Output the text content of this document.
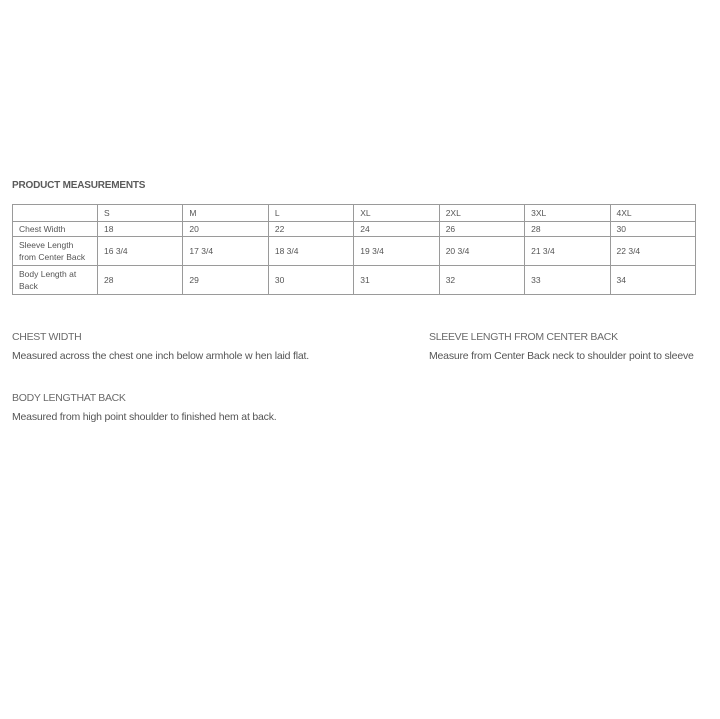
PRODUCT MEASUREMENTS
	S	M	L	XL	2XL	3XL	4XL
Chest Width	18	20	22	24	26	28	30
Sleeve Length from Center Back	16 3/4	17 3/4	18 3/4	19 3/4	20 3/4	21 3/4	22 3/4
Body Length at Back	28	29	30	31	32	33	34
CHEST WIDTH
Measured across the chest one inch below armhole w hen laid flat.
SLEEVE LENGTH FROM CENTER BACK
Measure from Center Back neck to shoulder point to sleeve
BODY LENGTHAT BACK
Measured from high point shoulder to finished hem at back.
